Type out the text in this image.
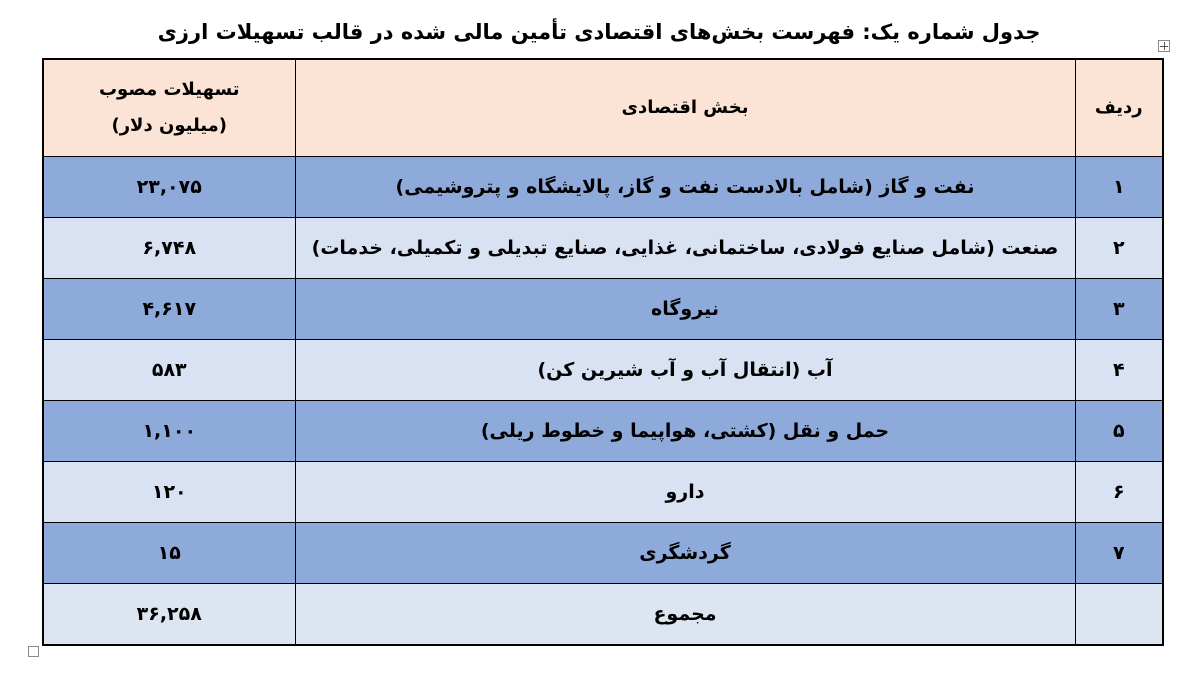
جدول شماره یک: فهرست بخش‌های اقتصادی تأمین مالی شده در قالب تسهیلات ارزی
ردیف	بخش اقتصادی	تسهیلات مصوب
(میلیون دلار)

۱	نفت و گاز (شامل بالادست نفت و گاز، پالایشگاه و پتروشیمی)	۲۳,۰۷۵
۲	صنعت (شامل صنایع فولادی، ساختمانی، غذایی، صنایع تبدیلی و تکمیلی، خدمات)	۶,۷۴۸
۳	نیروگاه	۴,۶۱۷
۴	آب (انتقال آب و آب شیرین کن)	۵۸۳
۵	حمل و نقل (کشتی، هواپیما و خطوط ریلی)	۱,۱۰۰
۶	دارو	۱۲۰
۷	گردشگری	۱۵
	مجموع	۳۶,۲۵۸
